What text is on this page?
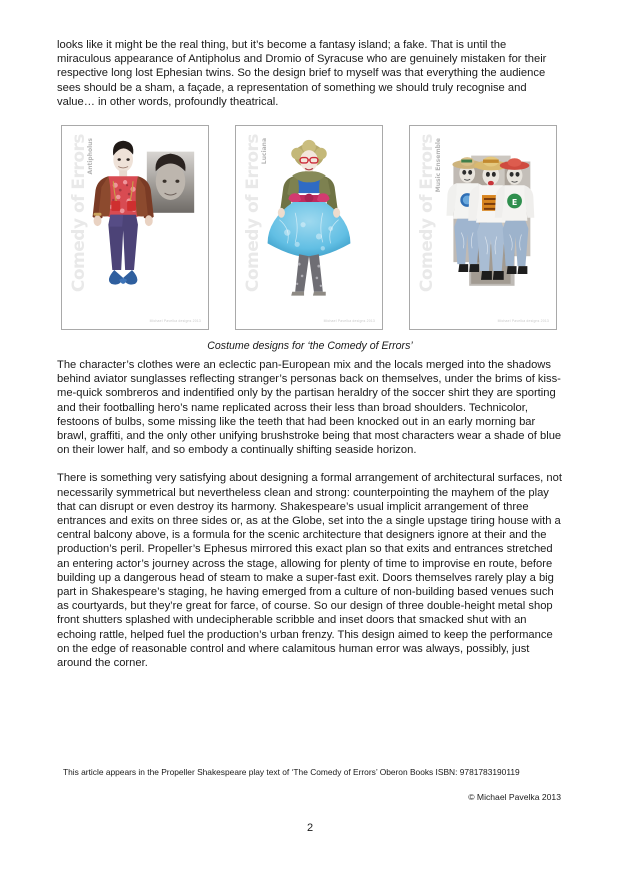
looks like it might be the real thing, but it’s become a fantasy island; a fake. That is until the miraculous appearance of Antipholus and Dromio of Syracuse who are genuinely mistaken for their respective long lost Ephesian twins. So the design brief to myself was that everything the audience sees should be a sham, a façade, a representation of something we should truly recognise and value… in other words, profoundly theatrical.

Comedy of Errors
Antipholus
Michael Pavelka designs 2013
Comedy of Errors
Luciana
Michael Pavelka designs 2013
E
Comedy of Errors
Music Ensemble
Michael Pavelka designs 2013
Costume designs for ‘the Comedy of Errors’

The character’s clothes were an eclectic pan-European mix and the locals merged into the shadows behind aviator sunglasses reflecting stranger’s personas back on themselves, under the brims of kiss-me-quick sombreros and indentified only by the partisan heraldry of the soccer shirt they are sporting and their footballing hero’s name replicated across their less than broad shoulders. Technicolor, festoons of bulbs, some missing like the teeth that had been knocked out in an early morning bar brawl, graffiti, and the only other unifying brushstroke being that most characters wear a shade of blue on their lower half, and so embody a continually shifting seaside horizon.

There is something very satisfying about designing a formal arrangement of architectural surfaces, not necessarily symmetrical but nevertheless clean and strong: counterpointing the mayhem of the play that can disrupt or even destroy its harmony. Shakespeare’s usual implicit arrangement of three entrances and exits on three sides or, as at the Globe, set into the a single upstage tiring house with a central balcony above, is a formula for the scenic architecture that designers ignore at their and the production’s peril. Propeller’s Ephesus mirrored this exact plan so that exits and entrances stretched an entering actor’s journey across the stage, allowing for plenty of time to improvise en route, before building up a dangerous head of steam to make a super-fast exit. Doors themselves rarely play a big part in Shakespeare’s staging, he having emerged from a culture of non-building based venues such as courtyards, but they’re great for farce, of course. So our design of three double-height metal shop front shutters splashed with undecipherable scribble and inset doors that smacked shut with an echoing rattle, helped fuel the production’s urban frenzy. This design aimed to keep the performance on the edge of reasonable control and where calamitous human error was always, possibly, just around the corner.

This article appears in the Propeller Shakespeare play text of ‘The Comedy of Errors’ Oberon Books ISBN: 9781783190119
© Michael Pavelka 2013
2
